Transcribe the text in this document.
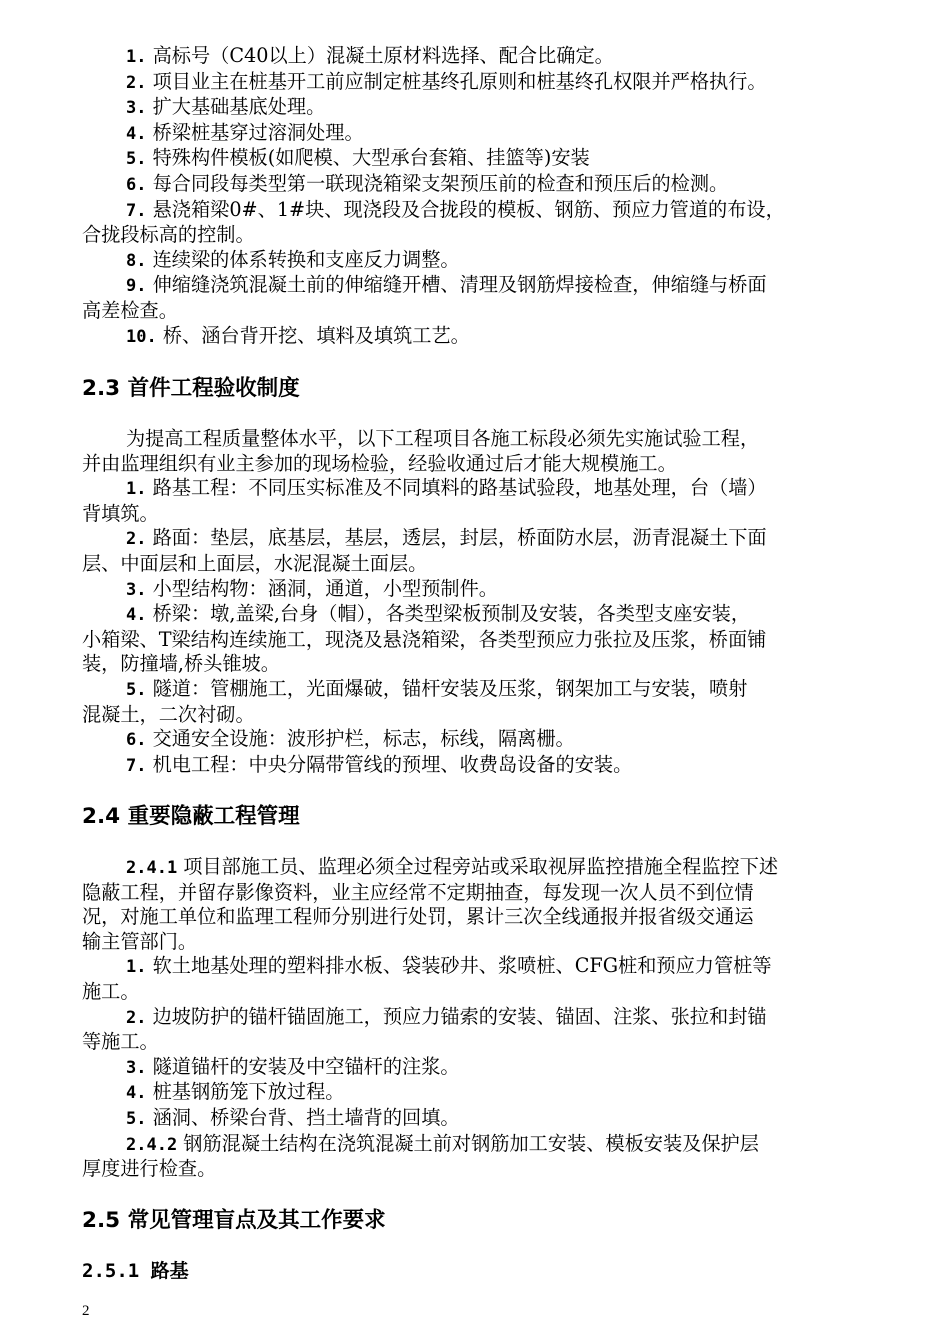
1. 高标号（C40以上）混凝土原材料选择、配合比确定。
2. 项目业主在桩基开工前应制定桩基终孔原则和桩基终孔权限并严格执行。
3. 扩大基础基底处理。
4. 桥梁桩基穿过溶洞处理。
5. 特殊构件模板(如爬模、大型承台套箱、挂篮等)安装
6. 每合同段每类型第一联现浇箱梁支架预压前的检查和预压后的检测。
7. 悬浇箱梁0#、1#块、现浇段及合拢段的模板、钢筋、预应力管道的布设，
合拢段标高的控制。
8. 连续梁的体系转换和支座反力调整。
9. 伸缩缝浇筑混凝土前的伸缩缝开槽、清理及钢筋焊接检查，伸缩缝与桥面
高差检查。
10. 桥、涵台背开挖、填料及填筑工艺。
2.3 首件工程验收制度
为提高工程质量整体水平，以下工程项目各施工标段必须先实施试验工程，
并由监理组织有业主参加的现场检验，经验收通过后才能大规模施工。
1. 路基工程：不同压实标准及不同填料的路基试验段，地基处理，台（墙）
背填筑。
2. 路面：垫层，底基层，基层，透层，封层，桥面防水层，沥青混凝土下面
层、中面层和上面层，水泥混凝土面层。
3. 小型结构物：涵洞，通道，小型预制件。
4. 桥梁：墩,盖梁,台身（帽），各类型梁板预制及安装，各类型支座安装，
小箱梁、T梁结构连续施工，现浇及悬浇箱梁，各类型预应力张拉及压浆，桥面铺
装，防撞墙,桥头锥坡。
5. 隧道：管棚施工，光面爆破，锚杆安装及压浆，钢架加工与安装，喷射
混凝土，二次衬砌。
6. 交通安全设施：波形护栏，标志，标线，隔离栅。
7. 机电工程：中央分隔带管线的预埋、收费岛设备的安装。
2.4 重要隐蔽工程管理
2.4.1 项目部施工员、监理必须全过程旁站或采取视屏监控措施全程监控下述
隐蔽工程，并留存影像资料，业主应经常不定期抽查，每发现一次人员不到位情
况，对施工单位和监理工程师分别进行处罚，累计三次全线通报并报省级交通运
输主管部门。
1. 软土地基处理的塑料排水板、袋装砂井、浆喷桩、CFG桩和预应力管桩等
施工。
2. 边坡防护的锚杆锚固施工，预应力锚索的安装、锚固、注浆、张拉和封锚
等施工。
3. 隧道锚杆的安装及中空锚杆的注浆。
4. 桩基钢筋笼下放过程。
5. 涵洞、桥梁台背、挡土墙背的回填。
2.4.2 钢筋混凝土结构在浇筑混凝土前对钢筋加工安装、模板安装及保护层
厚度进行检查。
2.5 常见管理盲点及其工作要求
2.5.1 路基
2
